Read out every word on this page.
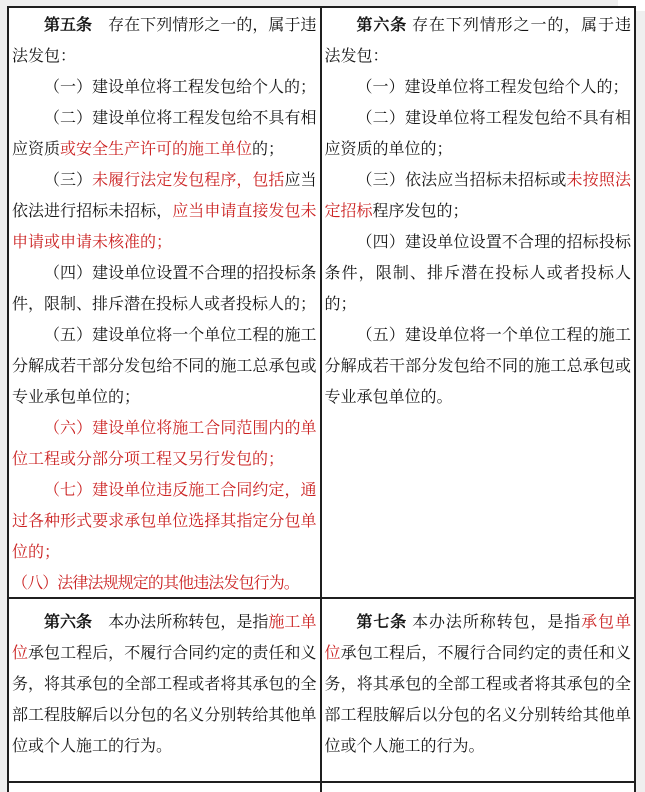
第五条　存在下列情形之一的，属于违法发包：

（一）建设单位将工程发包给个人的；

（二）建设单位将工程发包给不具有相应资质或安全生产许可的施工单位的；

（三）未履行法定发包程序，包括应当依法进行招标未招标，应当申请直接发包未申请或申请未核准的；

（四）建设单位设置不合理的招投标条件，限制、排斥潜在投标人或者投标人的；

（五）建设单位将一个单位工程的施工分解成若干部分发包给不同的施工总承包或专业承包单位的；

（六）建设单位将施工合同范围内的单位工程或分部分项工程又另行发包的；

（七）建设单位违反施工合同约定，通过各种形式要求承包单位选择其指定分包单位的；

（八）法律法规规定的其他违法发包行为。

第六条 存在下列情形之一的，属于违法发包：

（一）建设单位将工程发包给个人的；

（二）建设单位将工程发包给不具有相应资质的单位的；

（三）依法应当招标未招标或未按照法定招标程序发包的；

（四）建设单位设置不合理的招标投标条件，限制、排斥潜在投标人或者投标人的；

（五）建设单位将一个单位工程的施工分解成若干部分发包给不同的施工总承包或专业承包单位的。

第六条　本办法所称转包，是指施工单位承包工程后，不履行合同约定的责任和义务，将其承包的全部工程或者将其承包的全部工程肢解后以分包的名义分别转给其他单位或个人施工的行为。

第七条 本办法所称转包，是指承包单位承包工程后，不履行合同约定的责任和义务，将其承包的全部工程或者将其承包的全部工程肢解后以分包的名义分别转给其他单位或个人施工的行为。
